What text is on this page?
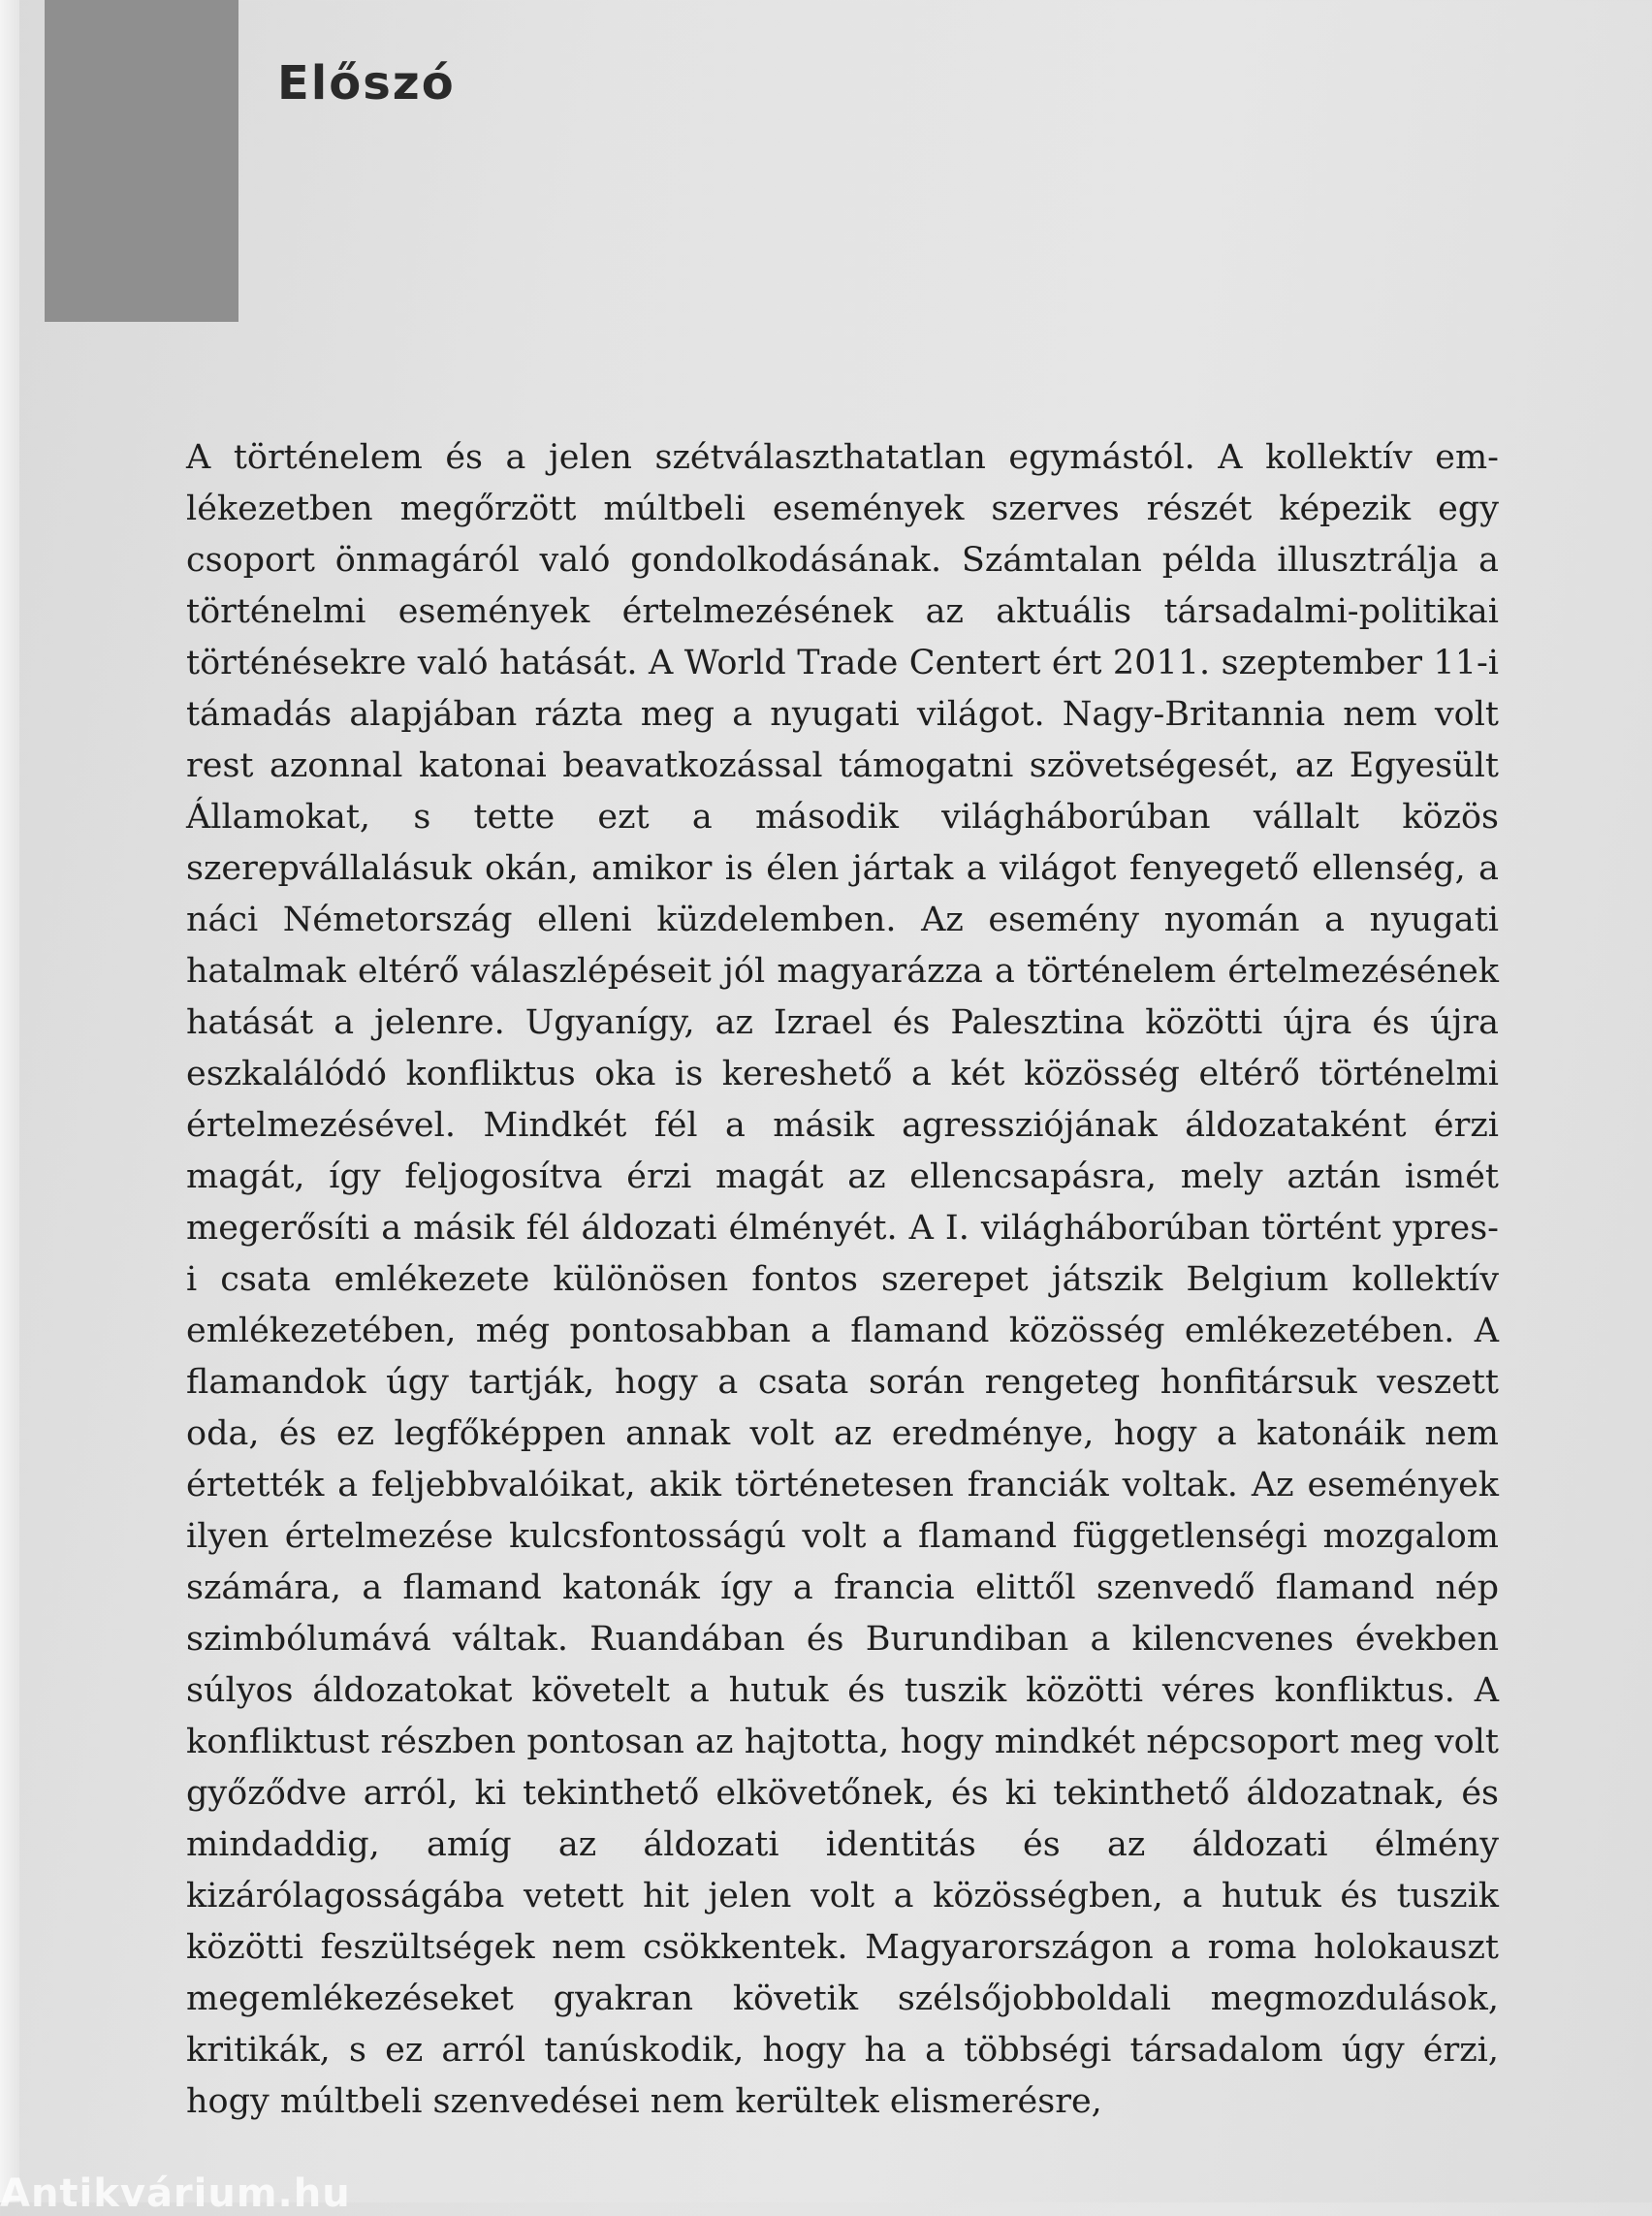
Előszó

A történelem és a jelen szétválaszthatatlan egymástól. A kollektív emlékezetben megőrzött múltbeli események szerves részét képezik egy csoport önmagáról való gondolkodásának. Számtalan példa illusztrálja a történelmi események értelmezésének az aktuális társadalmi-politikai történésekre való hatását. A World Trade Centert ért 2011. szeptember 11-i támadás alapjában rázta meg a nyugati világot. Nagy-Britannia nem volt rest azonnal katonai beavatkozással támogatni szövetségesét, az Egyesült Államokat, s tette ezt a második világháborúban vállalt közös szerepvállalásuk okán, amikor is élen jártak a világot fenyegető ellenség, a náci Németország elleni küzdelemben. Az esemény nyomán a nyugati hatalmak eltérő válaszlépéseit jól magyarázza a történelem értelmezésének hatását a jelenre. Ugyanígy, az Izrael és Palesztina közötti újra és újra eszkalálódó konfliktus oka is kereshető a két közösség eltérő történelmi értelmezésével. Mindkét fél a másik agressziójának áldozataként érzi magát, így feljogosítva érzi magát az ellencsapásra, mely aztán ismét megerősíti a másik fél áldozati élményét. A I. világháborúban történt ypres-i csata emlékezete különösen fontos szerepet játszik Belgium kollektív emlékezetében, még pontosabban a flamand közösség emlékezetében. A flamandok úgy tartják, hogy a csata során rengeteg honfitársuk veszett oda, és ez legfőképpen annak volt az eredménye, hogy a katonáik nem értették a feljebbvalóikat, akik történetesen franciák voltak. Az események ilyen értelmezése kulcsfontosságú volt a flamand függetlenségi mozgalom számára, a flamand katonák így a francia elittől szenvedő flamand nép szimbólumává váltak. Ruandában és Burundiban a kilencvenes években súlyos áldozatokat követelt a hutuk és tuszik közötti véres konfliktus. A konfliktust részben pontosan az hajtotta, hogy mindkét népcsoport meg volt győződve arról, ki tekinthető elkövetőnek, és ki tekinthető áldozatnak, és mindaddig, amíg az áldozati identitás és az áldozati élmény kizárólagosságába vetett hit jelen volt a közösségben, a hutuk és tuszik közötti feszültségek nem csökkentek. Magyarországon a roma holokauszt megemlékezéseket gyakran követik szélsőjobboldali megmozdulások, kritikák, s ez arról tanúskodik, hogy ha a többségi társadalom úgy érzi, hogy múltbeli szenvedései nem kerültek elismerésre,

Antikvárium.hu
